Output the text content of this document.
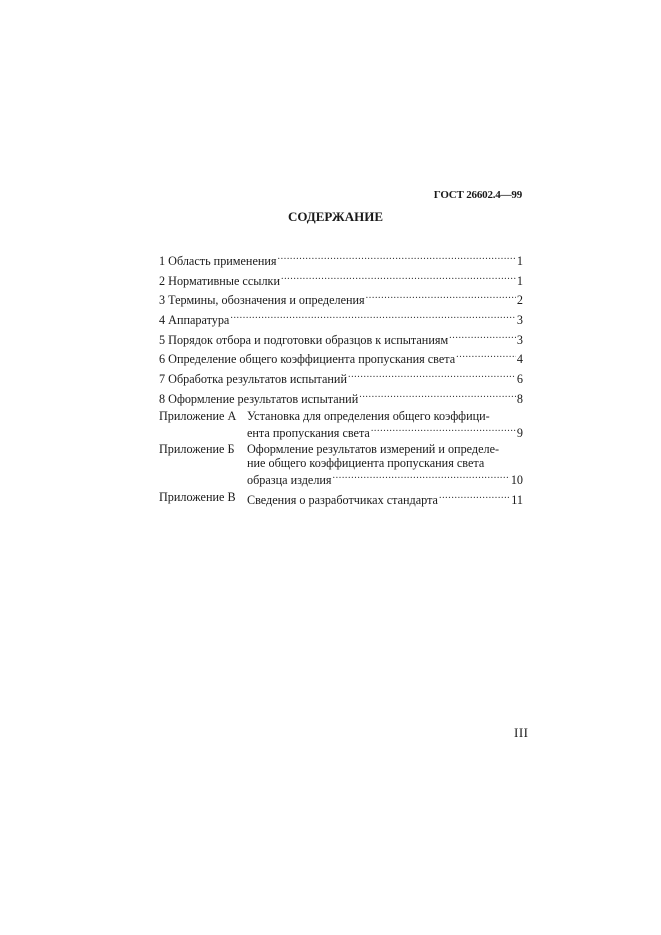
ГОСТ 26602.4—99
СОДЕРЖАНИЕ
1 Область применения .....	1
2 Нормативные ссылки .....	1
3 Термины, обозначения и определения .....	2
4 Аппаратура .....	3
5 Порядок отбора и подготовки образцов к испытаниям .....	3
6 Определение общего коэффициента пропускания света .....	4
7 Обработка результатов испытаний .....	6
8 Оформление результатов испытаний .....	8
Приложение А Установка для определения общего коэффици-
ента пропускания света .....	9
Приложение Б	Оформление результатов измерений и определе-
ние общего коэффициента пропускания света
образца изделия .....	10
Приложение В Сведения о разработчиках стандарта .....	11
III
